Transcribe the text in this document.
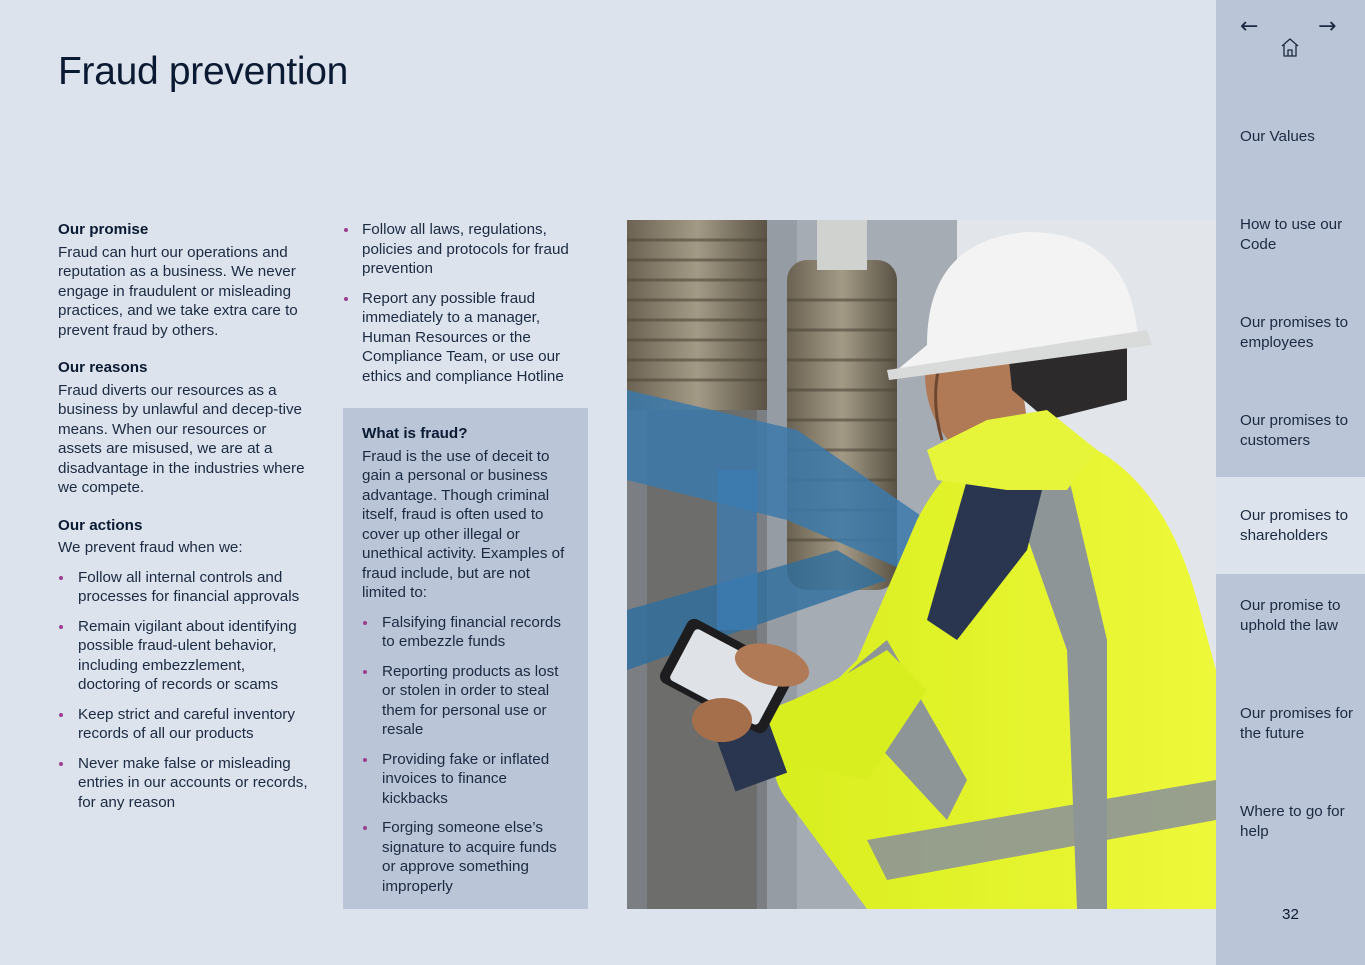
Fraud prevention
Our promise

Fraud can hurt our operations and reputation as a business. We never engage in fraudulent or misleading practices, and we take extra care to prevent fraud by others.

Our reasons

Fraud diverts our resources as a business by unlawful and decep-tive means. When our resources or assets are misused, we are at a disadvantage in the industries where we compete.

Our actions

We prevent fraud when we:

Follow all internal controls and processes for financial approvals
Remain vigilant about identifying possible fraud-ulent behavior, including embezzlement, doctoring of records or scams
Keep strict and careful inventory records of all our products
Never make false or misleading entries in our accounts or records, for any reason
Follow all laws, regulations, policies and protocols for fraud prevention
Report any possible fraud immediately to a manager, Human Resources or the Compliance Team, or use our ethics and compliance Hotline
What is fraud?

Fraud is the use of deceit to gain a personal or business advantage. Though criminal itself, fraud is often used to cover up other illegal or unethical activity. Examples of fraud include, but are not limited to:

Falsifying financial records to embezzle funds
Reporting products as lost or stolen in order to steal them for personal use or resale
Providing fake or inflated invoices to finance kickbacks
Forging someone else’s signature to acquire funds or approve something improperly
←	→
Our Values
How to use our Code
Our promises to employees
Our promises to customers
Our promises to shareholders
Our promise to uphold the law
Our promises for the future
Where to go for help
32
